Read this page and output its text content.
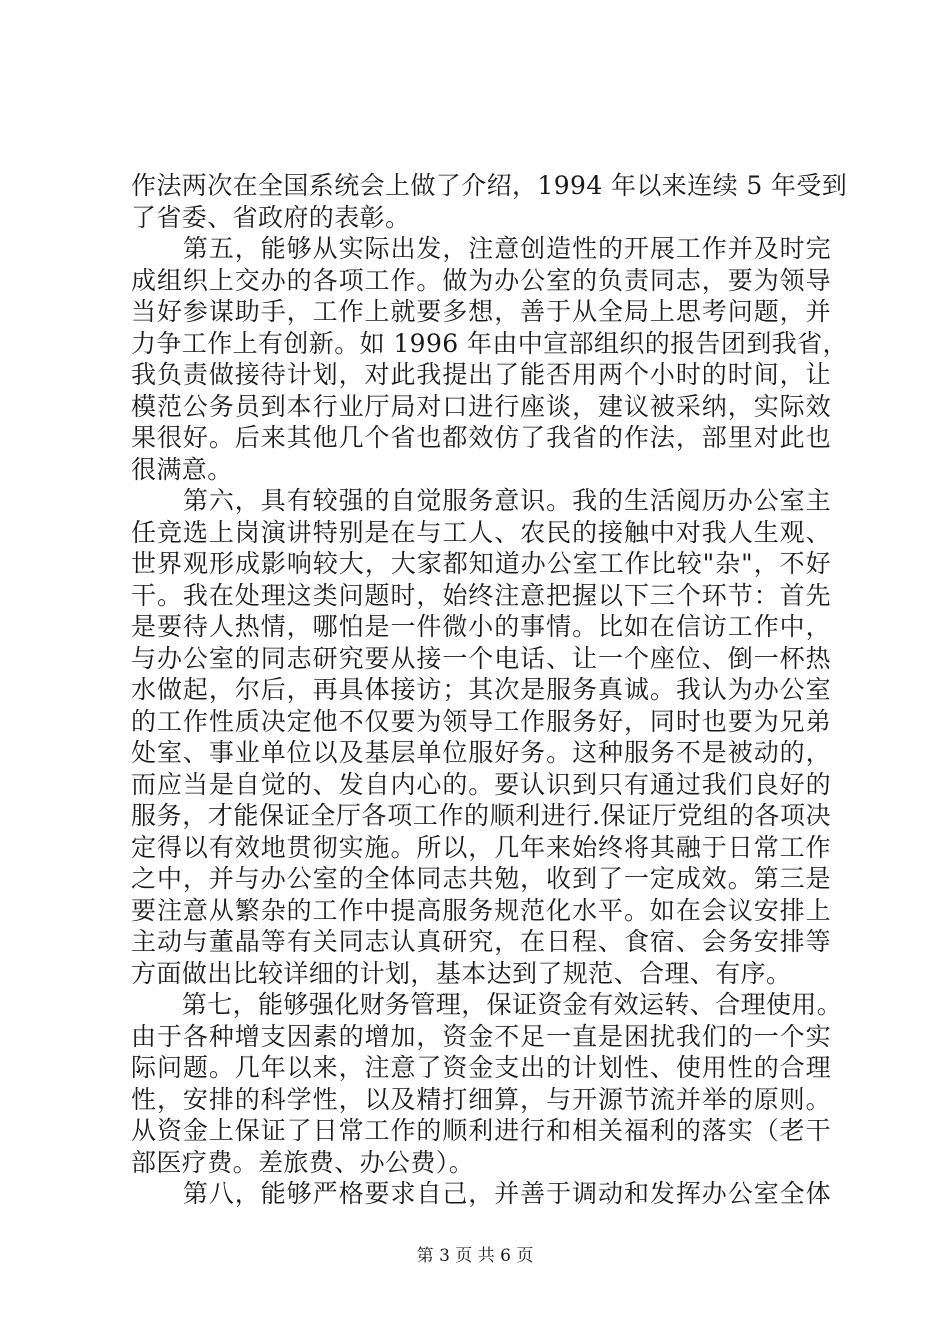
作法两次在全国系统会上做了介绍，1994 年以来连续 5 年受到
了省委、省政府的表彰。
　　第五，能够从实际出发，注意创造性的开展工作并及时完
成组织上交办的各项工作。做为办公室的负责同志，要为领导
当好参谋助手，工作上就要多想，善于从全局上思考问题，并
力争工作上有创新。如 1996 年由中宣部组织的报告团到我省，
我负责做接待计划，对此我提出了能否用两个小时的时间，让
模范公务员到本行业厅局对口进行座谈，建议被采纳，实际效
果很好。后来其他几个省也都效仿了我省的作法，部里对此也
很满意。
　　第六，具有较强的自觉服务意识。我的生活阅历办公室主
任竞选上岗演讲特别是在与工人、农民的接触中对我人生观、
世界观形成影响较大，大家都知道办公室工作比较"杂"，不好
干。我在处理这类问题时，始终注意把握以下三个环节：首先
是要待人热情，哪怕是一件微小的事情。比如在信访工作中，
与办公室的同志研究要从接一个电话、让一个座位、倒一杯热
水做起，尔后，再具体接访；其次是服务真诚。我认为办公室
的工作性质决定他不仅要为领导工作服务好，同时也要为兄弟
处室、事业单位以及基层单位服好务。这种服务不是被动的，
而应当是自觉的、发自内心的。要认识到只有通过我们良好的
服务，才能保证全厅各项工作的顺利进行.保证厅党组的各项决
定得以有效地贯彻实施。所以，几年来始终将其融于日常工作
之中，并与办公室的全体同志共勉，收到了一定成效。第三是
要注意从繁杂的工作中提高服务规范化水平。如在会议安排上
主动与董晶等有关同志认真研究，在日程、食宿、会务安排等
方面做出比较详细的计划，基本达到了规范、合理、有序。
　　第七，能够强化财务管理，保证资金有效运转、合理使用。
由于各种增支因素的增加，资金不足一直是困扰我们的一个实
际问题。几年以来，注意了资金支出的计划性、使用性的合理
性，安排的科学性，以及精打细算，与开源节流并举的原则。
从资金上保证了日常工作的顺利进行和相关福利的落实（老干
部医疗费。差旅费、办公费）。
　　第八，能够严格要求自己，并善于调动和发挥办公室全体
第 3 页 共 6 页
